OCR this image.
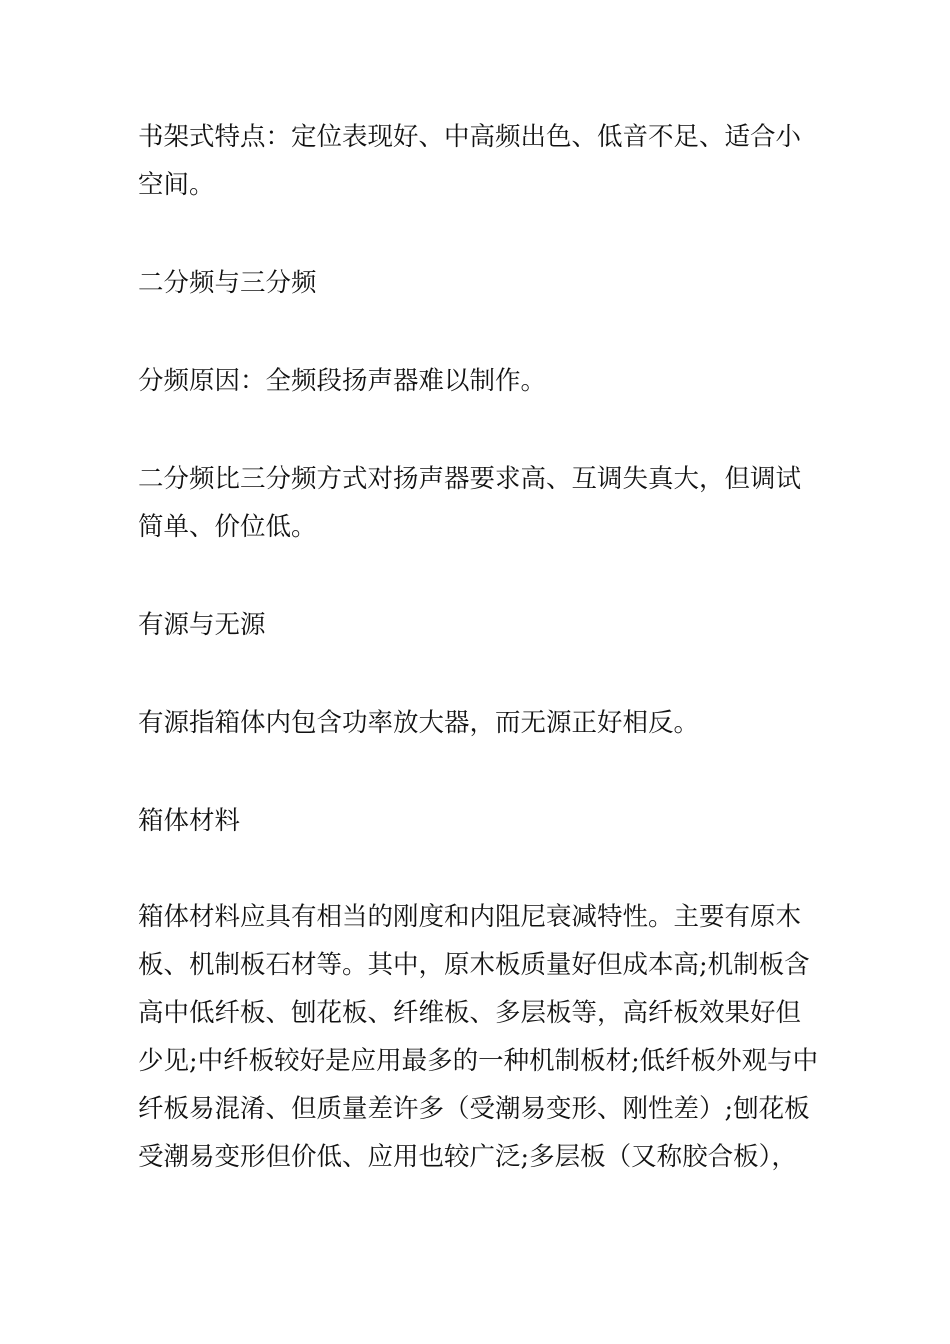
书架式特点：定位表现好、中高频出色、低音不足、适合小
空间。

二分频与三分频

分频原因：全频段扬声器难以制作。

二分频比三分频方式对扬声器要求高、互调失真大，但调试
简单、价位低。

有源与无源

有源指箱体内包含功率放大器，而无源正好相反。

箱体材料

箱体材料应具有相当的刚度和内阻尼衰减特性。主要有原木
板、机制板石材等。其中，原木板质量好但成本高;机制板含
高中低纤板、刨花板、纤维板、多层板等，高纤板效果好但
少见;中纤板较好是应用最多的一种机制板材;低纤板外观与中
纤板易混淆、但质量差许多（受潮易变形、刚性差）;刨花板
受潮易变形但价低、应用也较广泛;多层板（又称胶合板），
